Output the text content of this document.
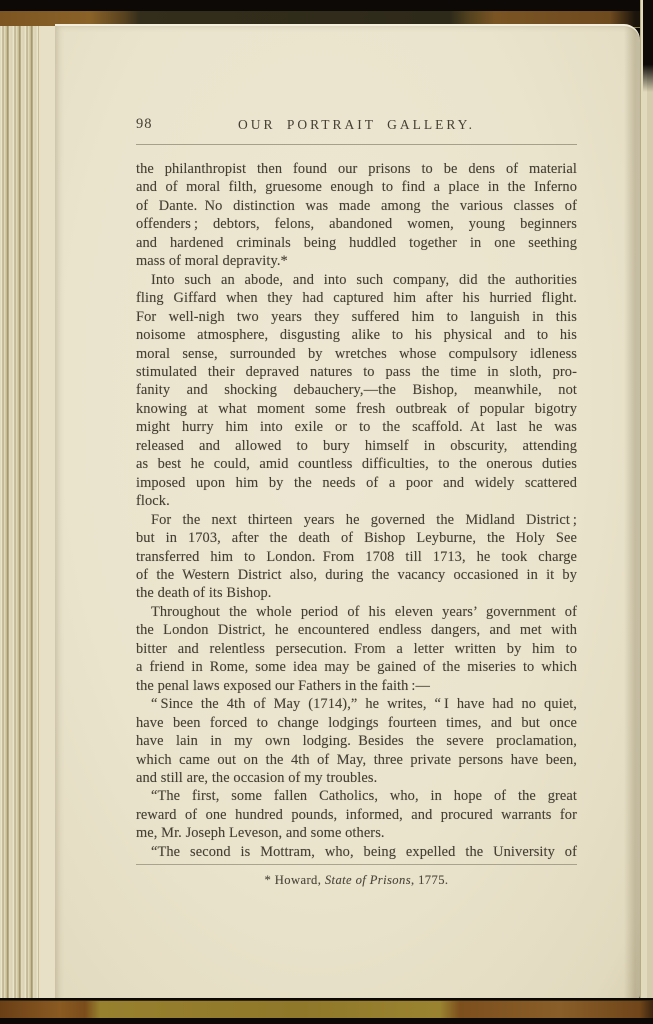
98	OUR PORTRAIT GALLERY.
the philanthropist then found our prisons to be dens of material
and of moral filth, gruesome enough to find a place in the Inferno
of Dante. No distinction was made among the various classes of
offenders ; debtors, felons, abandoned women, young beginners
and hardened criminals being huddled together in one seething
mass of moral depravity.*
Into such an abode, and into such company, did the authorities
fling Giffard when they had captured him after his hurried flight.
For well-nigh two years they suffered him to languish in this
noisome atmosphere, disgusting alike to his physical and to his
moral sense, surrounded by wretches whose compulsory idleness
stimulated their depraved natures to pass the time in sloth, pro-
fanity and shocking debauchery,—the Bishop, meanwhile, not
knowing at what moment some fresh outbreak of popular bigotry
might hurry him into exile or to the scaffold. At last he was
released and allowed to bury himself in obscurity, attending
as best he could, amid countless difficulties, to the onerous duties
imposed upon him by the needs of a poor and widely scattered
flock.
For the next thirteen years he governed the Midland District ;
but in 1703, after the death of Bishop Leyburne, the Holy See
transferred him to London. From 1708 till 1713, he took charge
of the Western District also, during the vacancy occasioned in it by
the death of its Bishop.
Throughout the whole period of his eleven years’ government of
the London District, he encountered endless dangers, and met with
bitter and relentless persecution. From a letter written by him to
a friend in Rome, some idea may be gained of the miseries to which
the penal laws exposed our Fathers in the faith :—
“ Since the 4th of May (1714),” he writes, “ I have had no quiet,
have been forced to change lodgings fourteen times, and but once
have lain in my own lodging. Besides the severe proclamation,
which came out on the 4th of May, three private persons have been,
and still are, the occasion of my troubles.
“The first, some fallen Catholics, who, in hope of the great
reward of one hundred pounds, informed, and procured warrants for
me, Mr. Joseph Leveson, and some others.
“The second is Mottram, who, being expelled the University of
* Howard, State of Prisons, 1775.
